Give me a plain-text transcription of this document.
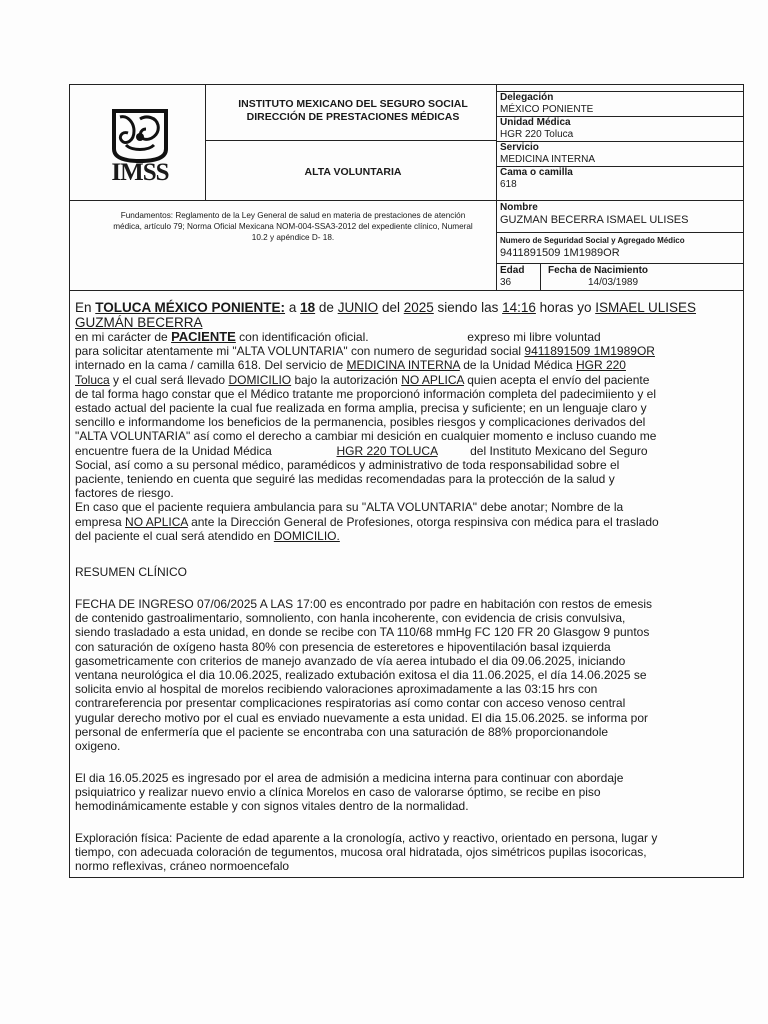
IMSS
INSTITUTO MEXICANO DEL SEGURO SOCIAL
DIRECCIÓN DE PRESTACIONES MÉDICAS
ALTA VOLUNTARIA
Fundamentos: Reglamento de la Ley General de salud en materia de prestaciones de atención médica, artículo 79; Norma Oficial Mexicana NOM-004-SSA3-2012 del expediente clínico, Numeral 10.2 y apéndice D- 18.
Delegación
MÉXICO PONIENTE
Unidad Médica
HGR 220 Toluca
Servicio
MEDICINA INTERNA
Cama o camilla
618
Nombre
GUZMAN BECERRA ISMAEL ULISES
Numero de Seguridad Social y Agregado Médico
9411891509 1M1989OR
Edad
36
Fecha de Nacimiento
14/03/1989
En TOLUCA MÉXICO PONIENTE: a 18 de JUNIO del 2025 siendo las 14:16 horas yo ISMAEL ULISES
GUZMÁN BECERRA
en mi carácter de PACIENTE con identificación oficial.	expreso mi libre voluntad
para solicitar atentamente mi "ALTA VOLUNTARIA" con numero de seguridad social 9411891509 1M1989OR
internado en la cama / camilla 618. Del servicio de MEDICINA INTERNA de la Unidad Médica HGR 220
Toluca y el cual será llevado DOMICILIO bajo la autorización NO APLICA quien acepta el envío del paciente
de tal forma hago constar que el Médico tratante me proporcionó información completa del padecimiiento y el
estado actual del paciente la cual fue realizada en forma amplia, precisa y suficiente; en un lenguaje claro y
sencillo e informandome los beneficios de la permanencia, posibles riesgos y complicaciones derivados del
"ALTA VOLUNTARIA" así como el derecho a cambiar mi desición en cualquier momento e incluso cuando me
encuentre fuera de la Unidad Médica	HGR 220 TOLUCA	del Instituto Mexicano del Seguro
Social, así como a su personal médico, paramédicos y administrativo de toda responsabilidad sobre el
paciente, teniendo en cuenta que seguiré las medidas recomendadas para la protección de la salud y
factores de riesgo.
En caso que el paciente requiera ambulancia para su "ALTA VOLUNTARIA" debe anotar; Nombre de la
empresa NO APLICA ante la Dirección General de Profesiones, otorga respinsiva con médica para el traslado
del paciente el cual será atendido en DOMICILIO.
RESUMEN CLÍNICO
FECHA DE INGRESO 07/06/2025 A LAS 17:00 es encontrado por padre en habitación con restos de emesis
de contenido gastroalimentario, somnoliento, con hanla incoherente, con evidencia de crisis convulsiva,
siendo trasladado a esta unidad, en donde se recibe con TA 110/68 mmHg FC 120 FR 20 Glasgow 9 puntos
con saturación de oxígeno hasta 80% con presencia de esteretores e hipoventilación basal izquierda
gasometricamente con criterios de manejo avanzado de vía aerea intubado el dia 09.06.2025, iniciando
ventana neurológica el dia 10.06.2025, realizado extubación exitosa el dia 11.06.2025, el día 14.06.2025 se
solicita envio al hospital de morelos recibiendo valoraciones aproximadamente a las 03:15 hrs con
contrareferencia por presentar complicaciones respiratorias así como contar con acceso venoso central
yugular derecho motivo por el cual es enviado nuevamente a esta unidad. El dia 15.06.2025. se informa por
personal de enfermería que el paciente se encontraba con una saturación de 88% proporcionandole
oxigeno.
El dia 16.05.2025 es ingresado por el area de admisión a medicina interna para continuar con abordaje
psiquiatrico y realizar nuevo envio a clínica Morelos en caso de valorarse óptimo, se recibe en piso
hemodinámicamente estable y con signos vitales dentro de la normalidad.
Exploración física: Paciente de edad aparente a la cronología, activo y reactivo, orientado en persona, lugar y
tiempo, con adecuada coloración de tegumentos, mucosa oral hidratada, ojos simétricos pupilas isocoricas,
normo reflexivas, cráneo normoencefalo
